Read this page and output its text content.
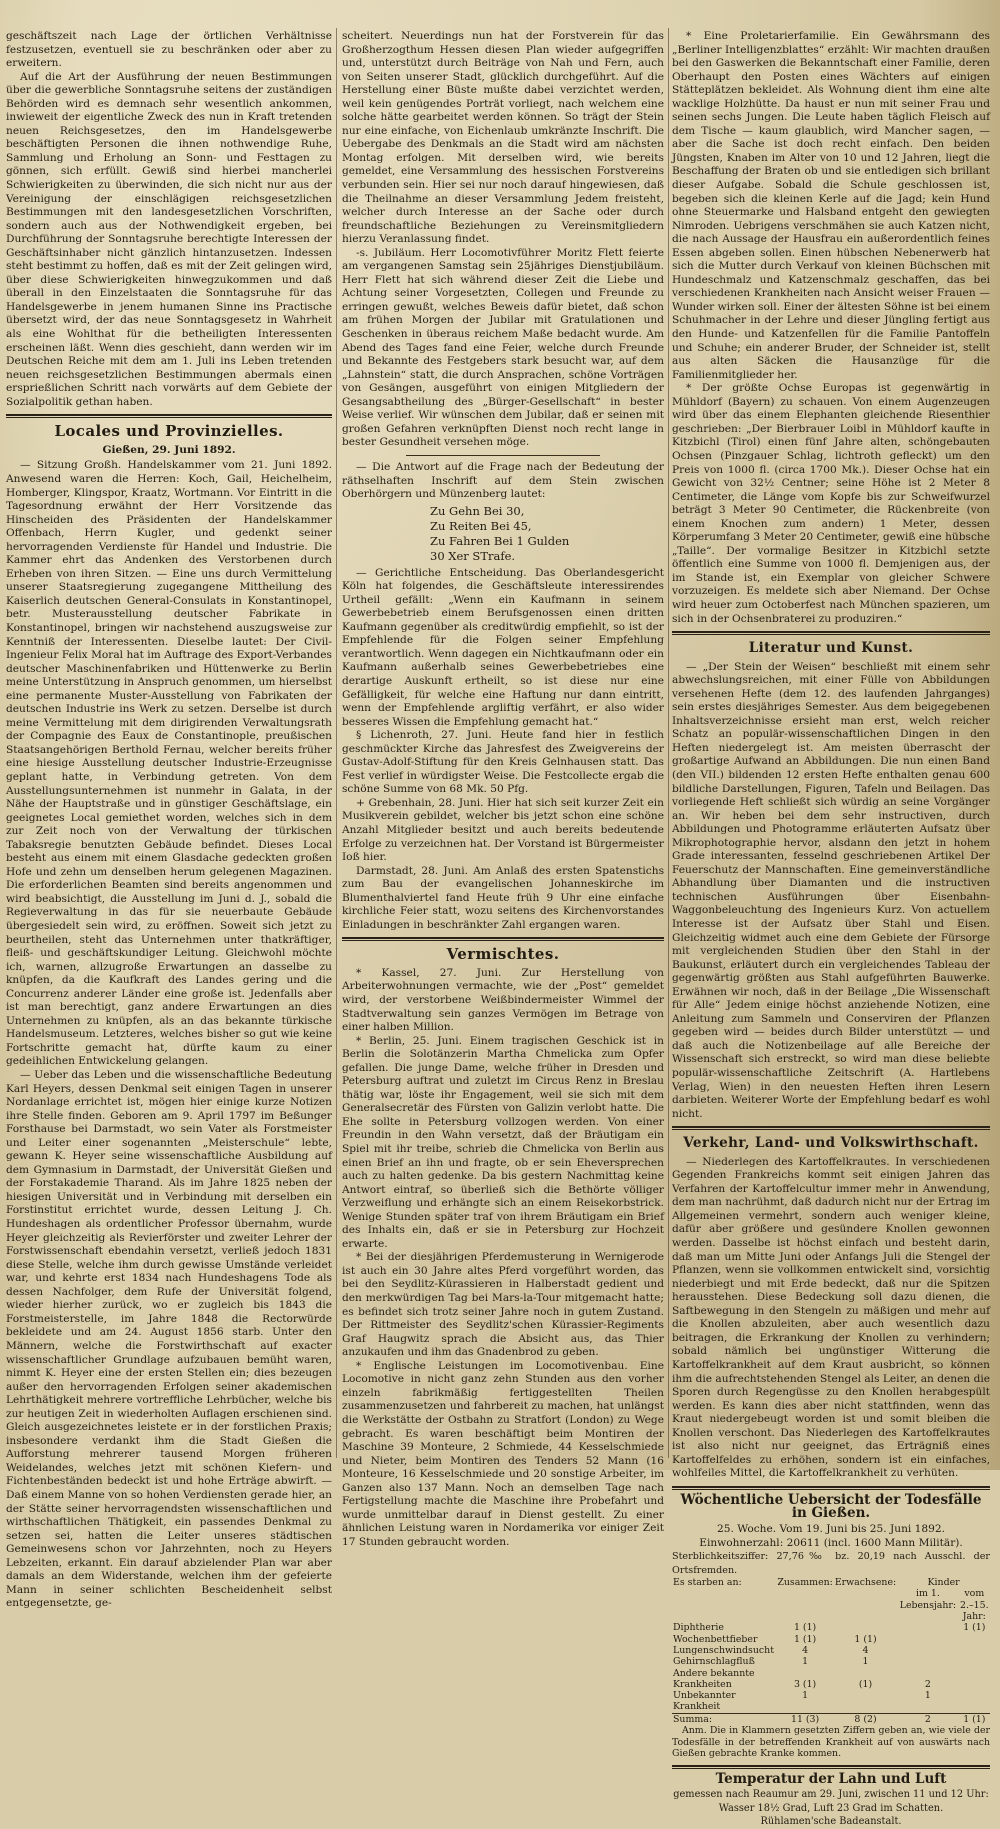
geschäftszeit nach Lage der örtlichen Verhältnisse festzusetzen, eventuell sie zu beschränken oder aber zu erweitern.

Auf die Art der Ausführung der neuen Bestimmungen über die gewerbliche Sonntagsruhe seitens der zuständigen Behörden wird es demnach sehr wesentlich ankommen, inwieweit der eigentliche Zweck des nun in Kraft tretenden neuen Reichsgesetzes, den im Handelsgewerbe beschäftigten Personen die ihnen nothwendige Ruhe, Sammlung und Erholung an Sonn- und Festtagen zu gönnen, sich erfüllt. Gewiß sind hierbei mancherlei Schwierigkeiten zu überwinden, die sich nicht nur aus der Vereinigung der einschlägigen reichsgesetzlichen Bestimmungen mit den landesgesetzlichen Vorschriften, sondern auch aus der Nothwendigkeit ergeben, bei Durchführung der Sonntagsruhe berechtigte Interessen der Geschäftsinhaber nicht gänzlich hintanzusetzen. Indessen steht bestimmt zu hoffen, daß es mit der Zeit gelingen wird, über diese Schwierigkeiten hinwegzukommen und daß überall in den Einzelstaaten die Sonntagsruhe für das Handelsgewerbe in jenem humanen Sinne ins Practische übersetzt wird, der das neue Sonntagsgesetz in Wahrheit als eine Wohlthat für die betheiligten Interessenten erscheinen läßt. Wenn dies geschieht, dann werden wir im Deutschen Reiche mit dem am 1. Juli ins Leben tretenden neuen reichsgesetzlichen Bestimmungen abermals einen ersprießlichen Schritt nach vorwärts auf dem Gebiete der Sozialpolitik gethan haben.

Locales und Provinzielles.

Gießen, 29. Juni 1892.

— Sitzung Großh. Handelskammer vom 21. Juni 1892. Anwesend waren die Herren: Koch, Gail, Heichelheim, Homberger, Klingspor, Kraatz, Wortmann. Vor Eintritt in die Tagesordnung erwähnt der Herr Vorsitzende das Hinscheiden des Präsidenten der Handelskammer Offenbach, Herrn Kugler, und gedenkt seiner hervorragenden Verdienste für Handel und Industrie. Die Kammer ehrt das Andenken des Verstorbenen durch Erheben von ihren Sitzen. — Eine uns durch Vermittelung unserer Staatsregierung zugegangene Mittheilung des Kaiserlich deutschen General-Consulats in Konstantinopel, betr. Musterausstellung deutscher Fabrikate in Konstantinopel, bringen wir nachstehend auszugsweise zur Kenntniß der Interessenten. Dieselbe lautet: Der Civil-Ingenieur Felix Moral hat im Auftrage des Export-Verbandes deutscher Maschinenfabriken und Hüttenwerke zu Berlin meine Unterstützung in Anspruch genommen, um hierselbst eine permanente Muster-Ausstellung von Fabrikaten der deutschen Industrie ins Werk zu setzen. Derselbe ist durch meine Vermittelung mit dem dirigirenden Verwaltungsrath der Compagnie des Eaux de Constantinople, preußischen Staatsangehörigen Berthold Fernau, welcher bereits früher eine hiesige Ausstellung deutscher Industrie-Erzeugnisse geplant hatte, in Verbindung getreten. Von dem Ausstellungsunternehmen ist nunmehr in Galata, in der Nähe der Hauptstraße und in günstiger Geschäftslage, ein geeignetes Local gemiethet worden, welches sich in dem zur Zeit noch von der Verwaltung der türkischen Tabaksregie benutzten Gebäude befindet. Dieses Local besteht aus einem mit einem Glasdache gedeckten großen Hofe und zehn um denselben herum gelegenen Magazinen. Die erforderlichen Beamten sind bereits angenommen und wird beabsichtigt, die Ausstellung im Juni d. J., sobald die Regieverwaltung in das für sie neuerbaute Gebäude übergesiedelt sein wird, zu eröffnen. Soweit sich jetzt zu beurtheilen, steht das Unternehmen unter thatkräftiger, fleiß- und geschäftskundiger Leitung. Gleichwohl möchte ich, warnen, allzugroße Erwartungen an dasselbe zu knüpfen, da die Kaufkraft des Landes gering und die Concurrenz anderer Länder eine große ist. Jedenfalls aber ist man berechtigt, ganz andere Erwartungen an dies Unternehmen zu knüpfen, als an das bekannte türkische Handelsmuseum. Letzteres, welches bisher so gut wie keine Fortschritte gemacht hat, dürfte kaum zu einer gedeihlichen Entwickelung gelangen.

— Ueber das Leben und die wissenschaftliche Bedeutung Karl Heyers, dessen Denkmal seit einigen Tagen in unserer Nordanlage errichtet ist, mögen hier einige kurze Notizen ihre Stelle finden. Geboren am 9. April 1797 im Beßunger Forsthause bei Darmstadt, wo sein Vater als Forstmeister und Leiter einer sogenannten „Meisterschule“ lebte, gewann K. Heyer seine wissenschaftliche Ausbildung auf dem Gymnasium in Darmstadt, der Universität Gießen und der Forstakademie Tharand. Als im Jahre 1825 neben der hiesigen Universität und in Verbindung mit derselben ein Forstinstitut errichtet wurde, dessen Leitung J. Ch. Hundeshagen als ordentlicher Professor übernahm, wurde Heyer gleichzeitig als Revierförster und zweiter Lehrer der Forstwissenschaft ebendahin versetzt, verließ jedoch 1831 diese Stelle, welche ihm durch gewisse Umstände verleidet war, und kehrte erst 1834 nach Hundeshagens Tode als dessen Nachfolger, dem Rufe der Universität folgend, wieder hierher zurück, wo er zugleich bis 1843 die Forstmeisterstelle, im Jahre 1848 die Rectorwürde bekleidete und am 24. August 1856 starb. Unter den Männern, welche die Forstwirthschaft auf exacter wissenschaftlicher Grundlage aufzubauen bemüht waren, nimmt K. Heyer eine der ersten Stellen ein; dies bezeugen außer den hervorragenden Erfolgen seiner akademischen Lehrthätigkeit mehrere vortreffliche Lehrbücher, welche bis zur heutigen Zeit in wiederholten Auflagen erschienen sind. Gleich ausgezeichnetes leistete er in der forstlichen Praxis; insbesondere verdankt ihm die Stadt Gießen die Aufforstung mehrerer tausend Morgen früheren Weidelandes, welches jetzt mit schönen Kiefern- und Fichtenbeständen bedeckt ist und hohe Erträge abwirft. — Daß einem Manne von so hohen Verdiensten gerade hier, an der Stätte seiner hervorragendsten wissenschaftlichen und wirthschaftlichen Thätigkeit, ein passendes Denkmal zu setzen sei, hatten die Leiter unseres städtischen Gemeinwesens schon vor Jahrzehnten, noch zu Heyers Lebzeiten, erkannt. Ein darauf abzielender Plan war aber damals an dem Widerstande, welchen ihm der gefeierte Mann in seiner schlichten Bescheidenheit selbst entgegensetzte, ge-

scheitert. Neuerdings nun hat der Forstverein für das Großherzogthum Hessen diesen Plan wieder aufgegriffen und, unterstützt durch Beiträge von Nah und Fern, auch von Seiten unserer Stadt, glücklich durchgeführt. Auf die Herstellung einer Büste mußte dabei verzichtet werden, weil kein genügendes Porträt vorliegt, nach welchem eine solche hätte gearbeitet werden können. So trägt der Stein nur eine einfache, von Eichenlaub umkränzte Inschrift. Die Uebergabe des Denkmals an die Stadt wird am nächsten Montag erfolgen. Mit derselben wird, wie bereits gemeldet, eine Versammlung des hessischen Forstvereins verbunden sein. Hier sei nur noch darauf hingewiesen, daß die Theilnahme an dieser Versammlung Jedem freisteht, welcher durch Interesse an der Sache oder durch freundschaftliche Beziehungen zu Vereinsmitgliedern hierzu Veranlassung findet.

-s. Jubiläum. Herr Locomotivführer Moritz Flett feierte am vergangenen Samstag sein 25jähriges Dienstjubiläum. Herr Flett hat sich während dieser Zeit die Liebe und Achtung seiner Vorgesetzten, Collegen und Freunde zu erringen gewußt, welches Beweis dafür bietet, daß schon am frühen Morgen der Jubilar mit Gratulationen und Geschenken in überaus reichem Maße bedacht wurde. Am Abend des Tages fand eine Feier, welche durch Freunde und Bekannte des Festgebers stark besucht war, auf dem „Lahnstein“ statt, die durch Ansprachen, schöne Vorträgen von Gesängen, ausgeführt von einigen Mitgliedern der Gesangsabtheilung des „Bürger-Gesellschaft“ in bester Weise verlief. Wir wünschen dem Jubilar, daß er seinen mit großen Gefahren verknüpften Dienst noch recht lange in bester Gesundheit versehen möge.

— Die Antwort auf die Frage nach der Bedeutung der räthselhaften Inschrift auf dem Stein zwischen Oberhörgern und Münzenberg lautet:

Zu Gehn Bei 30,
Zu Reiten Bei 45,
Zu Fahren Bei 1 Gulden
30 Xer STrafe.

— Gerichtliche Entscheidung. Das Oberlandesgericht Köln hat folgendes, die Geschäftsleute interessirendes Urtheil gefällt: „Wenn ein Kaufmann in seinem Gewerbebetrieb einem Berufsgenossen einen dritten Kaufmann gegenüber als creditwürdig empfiehlt, so ist der Empfehlende für die Folgen seiner Empfehlung verantwortlich. Wenn dagegen ein Nichtkaufmann oder ein Kaufmann außerhalb seines Gewerbebetriebes eine derartige Auskunft ertheilt, so ist diese nur eine Gefälligkeit, für welche eine Haftung nur dann eintritt, wenn der Empfehlende argliftig verfährt, er also wider besseres Wissen die Empfehlung gemacht hat.“

§ Lichenroth, 27. Juni. Heute fand hier in festlich geschmückter Kirche das Jahresfest des Zweigvereins der Gustav-Adolf-Stiftung für den Kreis Gelnhausen statt. Das Fest verlief in würdigster Weise. Die Festcollecte ergab die schöne Summe von 68 Mk. 50 Pfg.

+ Grebenhain, 28. Juni. Hier hat sich seit kurzer Zeit ein Musikverein gebildet, welcher bis jetzt schon eine schöne Anzahl Mitglieder besitzt und auch bereits bedeutende Erfolge zu verzeichnen hat. Der Vorstand ist Bürgermeister Ioß hier.

Darmstadt, 28. Juni. Am Anlaß des ersten Spatenstichs zum Bau der evangelischen Johanneskirche im Blumenthalviertel fand Heute früh 9 Uhr eine einfache kirchliche Feier statt, wozu seitens des Kirchenvorstandes Einladungen in beschränkter Zahl ergangen waren.

Vermischtes.

* Kassel, 27. Juni. Zur Herstellung von Arbeiterwohnungen vermachte, wie der „Post“ gemeldet wird, der verstorbene Weißbindermeister Wimmel der Stadtverwaltung sein ganzes Vermögen im Betrage von einer halben Million.

* Berlin, 25. Juni. Einem tragischen Geschick ist in Berlin die Solotänzerin Martha Chmelicka zum Opfer gefallen. Die junge Dame, welche früher in Dresden und Petersburg auftrat und zuletzt im Circus Renz in Breslau thätig war, löste ihr Engagement, weil sie sich mit dem Generalsecretär des Fürsten von Galizin verlobt hatte. Die Ehe sollte in Petersburg vollzogen werden. Von einer Freundin in den Wahn versetzt, daß der Bräutigam ein Spiel mit ihr treibe, schrieb die Chmelicka von Berlin aus einen Brief an ihn und fragte, ob er sein Eheversprechen auch zu halten gedenke. Da bis gestern Nachmittag keine Antwort eintraf, so überließ sich die Bethörte völliger Verzweiflung und erhängte sich an einem Reisekorbstrick. Wenige Stunden später traf von ihrem Bräutigam ein Brief des Inhalts ein, daß er sie in Petersburg zur Hochzeit erwarte.

* Bei der diesjährigen Pferdemusterung in Wernigerode ist auch ein 30 Jahre altes Pferd vorgeführt worden, das bei den Seydlitz-Kürassieren in Halberstadt gedient und den merkwürdigen Tag bei Mars-la-Tour mitgemacht hatte; es befindet sich trotz seiner Jahre noch in gutem Zustand. Der Rittmeister des Seydlitz'schen Kürassier-Regiments Graf Haugwitz sprach die Absicht aus, das Thier anzukaufen und ihm das Gnadenbrod zu geben.

* Englische Leistungen im Locomotivenbau. Eine Locomotive in nicht ganz zehn Stunden aus den vorher einzeln fabrikmäßig fertiggestellten Theilen zusammenzusetzen und fahrbereit zu machen, hat unlängst die Werkstätte der Ostbahn zu Stratfort (London) zu Wege gebracht. Es waren beschäftigt beim Montiren der Maschine 39 Monteure, 2 Schmiede, 44 Kesselschmiede und Nieter, beim Montiren des Tenders 52 Mann (16 Monteure, 16 Kesselschmiede und 20 sonstige Arbeiter, im Ganzen also 137 Mann. Noch an demselben Tage nach Fertigstellung machte die Maschine ihre Probefahrt und wurde unmittelbar darauf in Dienst gestellt. Zu einer ähnlichen Leistung waren in Nordamerika vor einiger Zeit 17 Stunden gebraucht worden.

* Eine Proletarierfamilie. Ein Gewährsmann des „Berliner Intelligenzblattes“ erzählt: Wir machten draußen bei den Gaswerken die Bekanntschaft einer Familie, deren Oberhaupt den Posten eines Wächters auf einigen Stätteplätzen bekleidet. Als Wohnung dient ihm eine alte wacklige Holzhütte. Da haust er nun mit seiner Frau und seinen sechs Jungen. Die Leute haben täglich Fleisch auf dem Tische — kaum glaublich, wird Mancher sagen, — aber die Sache ist doch recht einfach. Den beiden Jüngsten, Knaben im Alter von 10 und 12 Jahren, liegt die Beschaffung der Braten ob und sie entledigen sich brillant dieser Aufgabe. Sobald die Schule geschlossen ist, begeben sich die kleinen Kerle auf die Jagd; kein Hund ohne Steuermarke und Halsband entgeht den gewiegten Nimroden. Uebrigens verschmähen sie auch Katzen nicht, die nach Aussage der Hausfrau ein außerordentlich feines Essen abgeben sollen. Einen hübschen Nebenerwerb hat sich die Mutter durch Verkauf von kleinen Büchschen mit Hundeschmalz und Katzenschmalz geschaffen, das bei verschiedenen Krankheiten nach Ansicht weiser Frauen — Wunder wirken soll. Einer der ältesten Söhne ist bei einem Schuhmacher in der Lehre und dieser Jüngling fertigt aus den Hunde- und Katzenfellen für die Familie Pantoffeln und Schuhe; ein anderer Bruder, der Schneider ist, stellt aus alten Säcken die Hausanzüge für die Familienmitglieder her.

* Der größte Ochse Europas ist gegenwärtig in Mühldorf (Bayern) zu schauen. Von einem Augenzeugen wird über das einem Elephanten gleichende Riesenthier geschrieben: „Der Bierbrauer Loibl in Mühldorf kaufte in Kitzbichl (Tirol) einen fünf Jahre alten, schöngebauten Ochsen (Pinzgauer Schlag, lichtroth gefleckt) um den Preis von 1000 fl. (circa 1700 Mk.). Dieser Ochse hat ein Gewicht von 32½ Centner; seine Höhe ist 2 Meter 8 Centimeter, die Länge vom Kopfe bis zur Schweifwurzel beträgt 3 Meter 90 Centimeter, die Rückenbreite (von einem Knochen zum andern) 1 Meter, dessen Körperumfang 3 Meter 20 Centimeter, gewiß eine hübsche „Taille“. Der vormalige Besitzer in Kitzbichl setzte öffentlich eine Summe von 1000 fl. Demjenigen aus, der im Stande ist, ein Exemplar von gleicher Schwere vorzuzeigen. Es meldete sich aber Niemand. Der Ochse wird heuer zum Octoberfest nach München spazieren, um sich in der Ochsenbraterei zu produziren.“

Literatur und Kunst.

— „Der Stein der Weisen“ beschließt mit einem sehr abwechslungsreichen, mit einer Fülle von Abbildungen versehenen Hefte (dem 12. des laufenden Jahrganges) sein erstes diesjähriges Semester. Aus dem beigegebenen Inhaltsverzeichnisse ersieht man erst, welch reicher Schatz an populär-wissenschaftlichen Dingen in den Heften niedergelegt ist. Am meisten überrascht der großartige Aufwand an Abbildungen. Die nun einen Band (den VII.) bildenden 12 ersten Hefte enthalten genau 600 bildliche Darstellungen, Figuren, Tafeln und Beilagen. Das vorliegende Heft schließt sich würdig an seine Vorgänger an. Wir heben bei dem sehr instructiven, durch Abbildungen und Photogramme erläuterten Aufsatz über Mikrophotographie hervor, alsdann den jetzt in hohem Grade interessanten, fesselnd geschriebenen Artikel Der Feuerschutz der Mannschaften. Eine gemeinverständliche Abhandlung über Diamanten und die instructiven technischen Ausführungen über Eisenbahn-Waggonbeleuchtung des Ingenieurs Kurz. Von actuellem Interesse ist der Aufsatz über Stahl und Eisen. Gleichzeitig widmet auch eine dem Gebiete der Fürsorge mit vergleichenden Studien über den Stahl in der Baukunst, erläutert durch ein vergleichendes Tableau der gegenwärtig größten aus Stahl aufgeführten Bauwerke. Erwähnen wir noch, daß in der Beilage „Die Wissenschaft für Alle“ Jedem einige höchst anziehende Notizen, eine Anleitung zum Sammeln und Conserviren der Pflanzen gegeben wird — beides durch Bilder unterstützt — und daß auch die Notizenbeilage auf alle Bereiche der Wissenschaft sich erstreckt, so wird man diese beliebte populär-wissenschaftliche Zeitschrift (A. Hartlebens Verlag, Wien) in den neuesten Heften ihren Lesern darbieten. Weiterer Worte der Empfehlung bedarf es wohl nicht.

Verkehr, Land- und Volkswirthschaft.

— Niederlegen des Kartoffelkrautes. In verschiedenen Gegenden Frankreichs kommt seit einigen Jahren das Verfahren der Kartoffelcultur immer mehr in Anwendung, dem man nachrühmt, daß dadurch nicht nur der Ertrag im Allgemeinen vermehrt, sondern auch weniger kleine, dafür aber größere und gesündere Knollen gewonnen werden. Dasselbe ist höchst einfach und besteht darin, daß man um Mitte Juni oder Anfangs Juli die Stengel der Pflanzen, wenn sie vollkommen entwickelt sind, vorsichtig niederbiegt und mit Erde bedeckt, daß nur die Spitzen herausstehen. Diese Bedeckung soll dazu dienen, die Saftbewegung in den Stengeln zu mäßigen und mehr auf die Knollen abzuleiten, aber auch wesentlich dazu beitragen, die Erkrankung der Knollen zu verhindern; sobald nämlich bei ungünstiger Witterung die Kartoffelkrankheit auf dem Kraut ausbricht, so können ihm die aufrechtstehenden Stengel als Leiter, an denen die Sporen durch Regengüsse zu den Knollen herabgespült werden. Es kann dies aber nicht stattfinden, wenn das Kraut niedergebeugt worden ist und somit bleiben die Knollen verschont. Das Niederlegen des Kartoffelkrautes ist also nicht nur geeignet, das Erträgniß eines Kartoffelfeldes zu erhöhen, sondern ist ein einfaches, wohlfeiles Mittel, die Kartoffelkrankheit zu verhüten.

Wöchentliche Uebersicht der Todesfälle in Gießen.

25. Woche. Vom 19. Juni bis 25. Juni 1892.

Einwohnerzahl: 20611 (incl. 1600 Mann Militär).

Sterblichkeitsziffer: 27,76‰ bz. 20,19 nach Ausschl. der Ortsfremden.

Es starben an:	Zusammen:	Erwachsene:	Kinder	
			im 1. Lebensjahr:	vom 2.–15. Jahr:
Diphtherie	1 (1)			1 (1)
Wochenbettfieber	1 (1)	1 (1)		
Lungenschwindsucht	4	4		
Gehirnschlagfluß	1	1		
Andere bekannte				
Krankheiten	3 (1)	(1)	2	
Unbekannter Krankheit	1		1	
Summa:	11 (3)	8 (2)	2	1 (1)

Anm. Die in Klammern gesetzten Ziffern geben an, wie viele der Todesfälle in der betreffenden Krankheit auf von auswärts nach Gießen gebrachte Kranke kommen.

Temperatur der Lahn und Luft

gemessen nach Reaumur am 29. Juni, zwischen 11 und 12 Uhr:

Wasser 18½ Grad, Luft 23 Grad im Schatten.

Rühlamen'sche Badeanstalt.
